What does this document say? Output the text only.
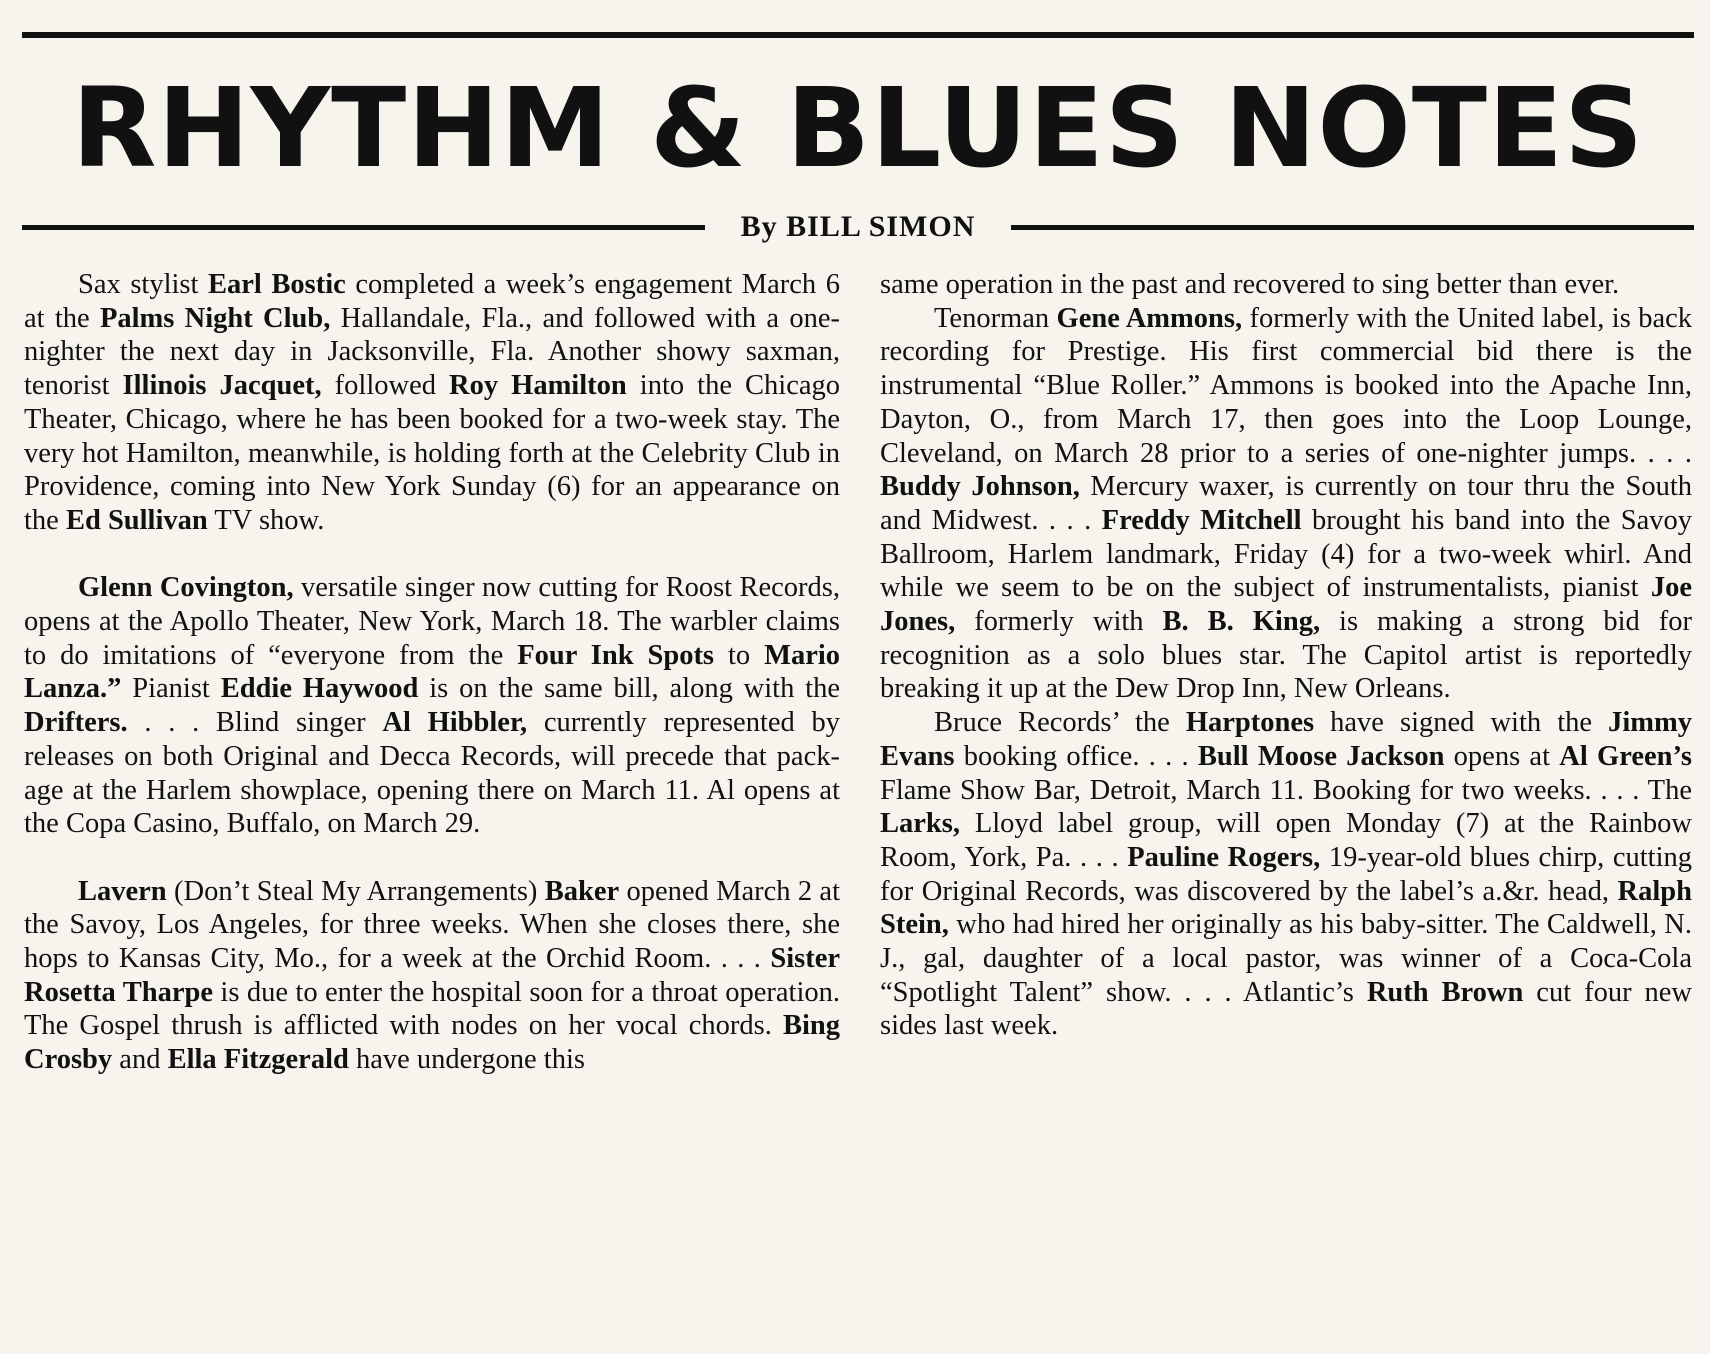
RHYTHM & BLUES NOTES
By BILL SIMON

Sax stylist Earl Bostic completed a week’s engagement March 6 at the Palms Night Club, Hallandale, Fla., and followed with a one-nighter the next day in Jacksonville, Fla. Another showy saxman, tenorist Illinois Jacquet, followed Roy Hamilton into the Chicago Theater, Chicago, where he has been booked for a two-week stay. The very hot Hamilton, meanwhile, is holding forth at the Celebrity Club in Providence, coming into New York Sunday (6) for an appearance on the Ed Sullivan TV show.

Glenn Covington, versatile singer now cutting for Roost Records, opens at the Apollo Theater, New York, March 18. The warbler claims to do imitations of “everyone from the Four Ink Spots to Mario Lanza.” Pianist Eddie Haywood is on the same bill, along with the Drifters. . . . Blind singer Al Hibbler, currently represented by releases on both Original and Decca Records, will precede that package at the Harlem showplace, opening there on March 11. Al opens at the Copa Casino, Buffalo, on March 29.

Lavern (Don’t Steal My Arrangements) Baker opened March 2 at the Savoy, Los Angeles, for three weeks. When she closes there, she hops to Kansas City, Mo., for a week at the Orchid Room. . . . Sister Rosetta Tharpe is due to enter the hospital soon for a throat operation. The Gospel thrush is afflicted with nodes on her vocal chords. Bing Crosby and Ella Fitzgerald have undergone this

same operation in the past and recovered to sing better than ever.

Tenorman Gene Ammons, formerly with the United label, is back recording for Prestige. His first commercial bid there is the instrumental “Blue Roller.” Ammons is booked into the Apache Inn, Dayton, O., from March 17, then goes into the Loop Lounge, Cleveland, on March 28 prior to a series of one-nighter jumps. . . . Buddy Johnson, Mercury waxer, is currently on tour thru the South and Midwest. . . . Freddy Mitchell brought his band into the Savoy Ballroom, Harlem landmark, Friday (4) for a two-week whirl. And while we seem to be on the subject of instrumentalists, pianist Joe Jones, formerly with B. B. King, is making a strong bid for recognition as a solo blues star. The Capitol artist is reportedly breaking it up at the Dew Drop Inn, New Orleans.

Bruce Records’ the Harptones have signed with the Jimmy Evans booking office. . . . Bull Moose Jackson opens at Al Green’s Flame Show Bar, Detroit, March 11. Booking for two weeks. . . . The Larks, Lloyd label group, will open Monday (7) at the Rainbow Room, York, Pa. . . . Pauline Rogers, 19-year-old blues chirp, cutting for Original Records, was discovered by the label’s a.&r. head, Ralph Stein, who had hired her originally as his baby-sitter. The Caldwell, N. J., gal, daughter of a local pastor, was winner of a Coca-Cola “Spotlight Talent” show. . . . Atlantic’s Ruth Brown cut four new sides last week.
